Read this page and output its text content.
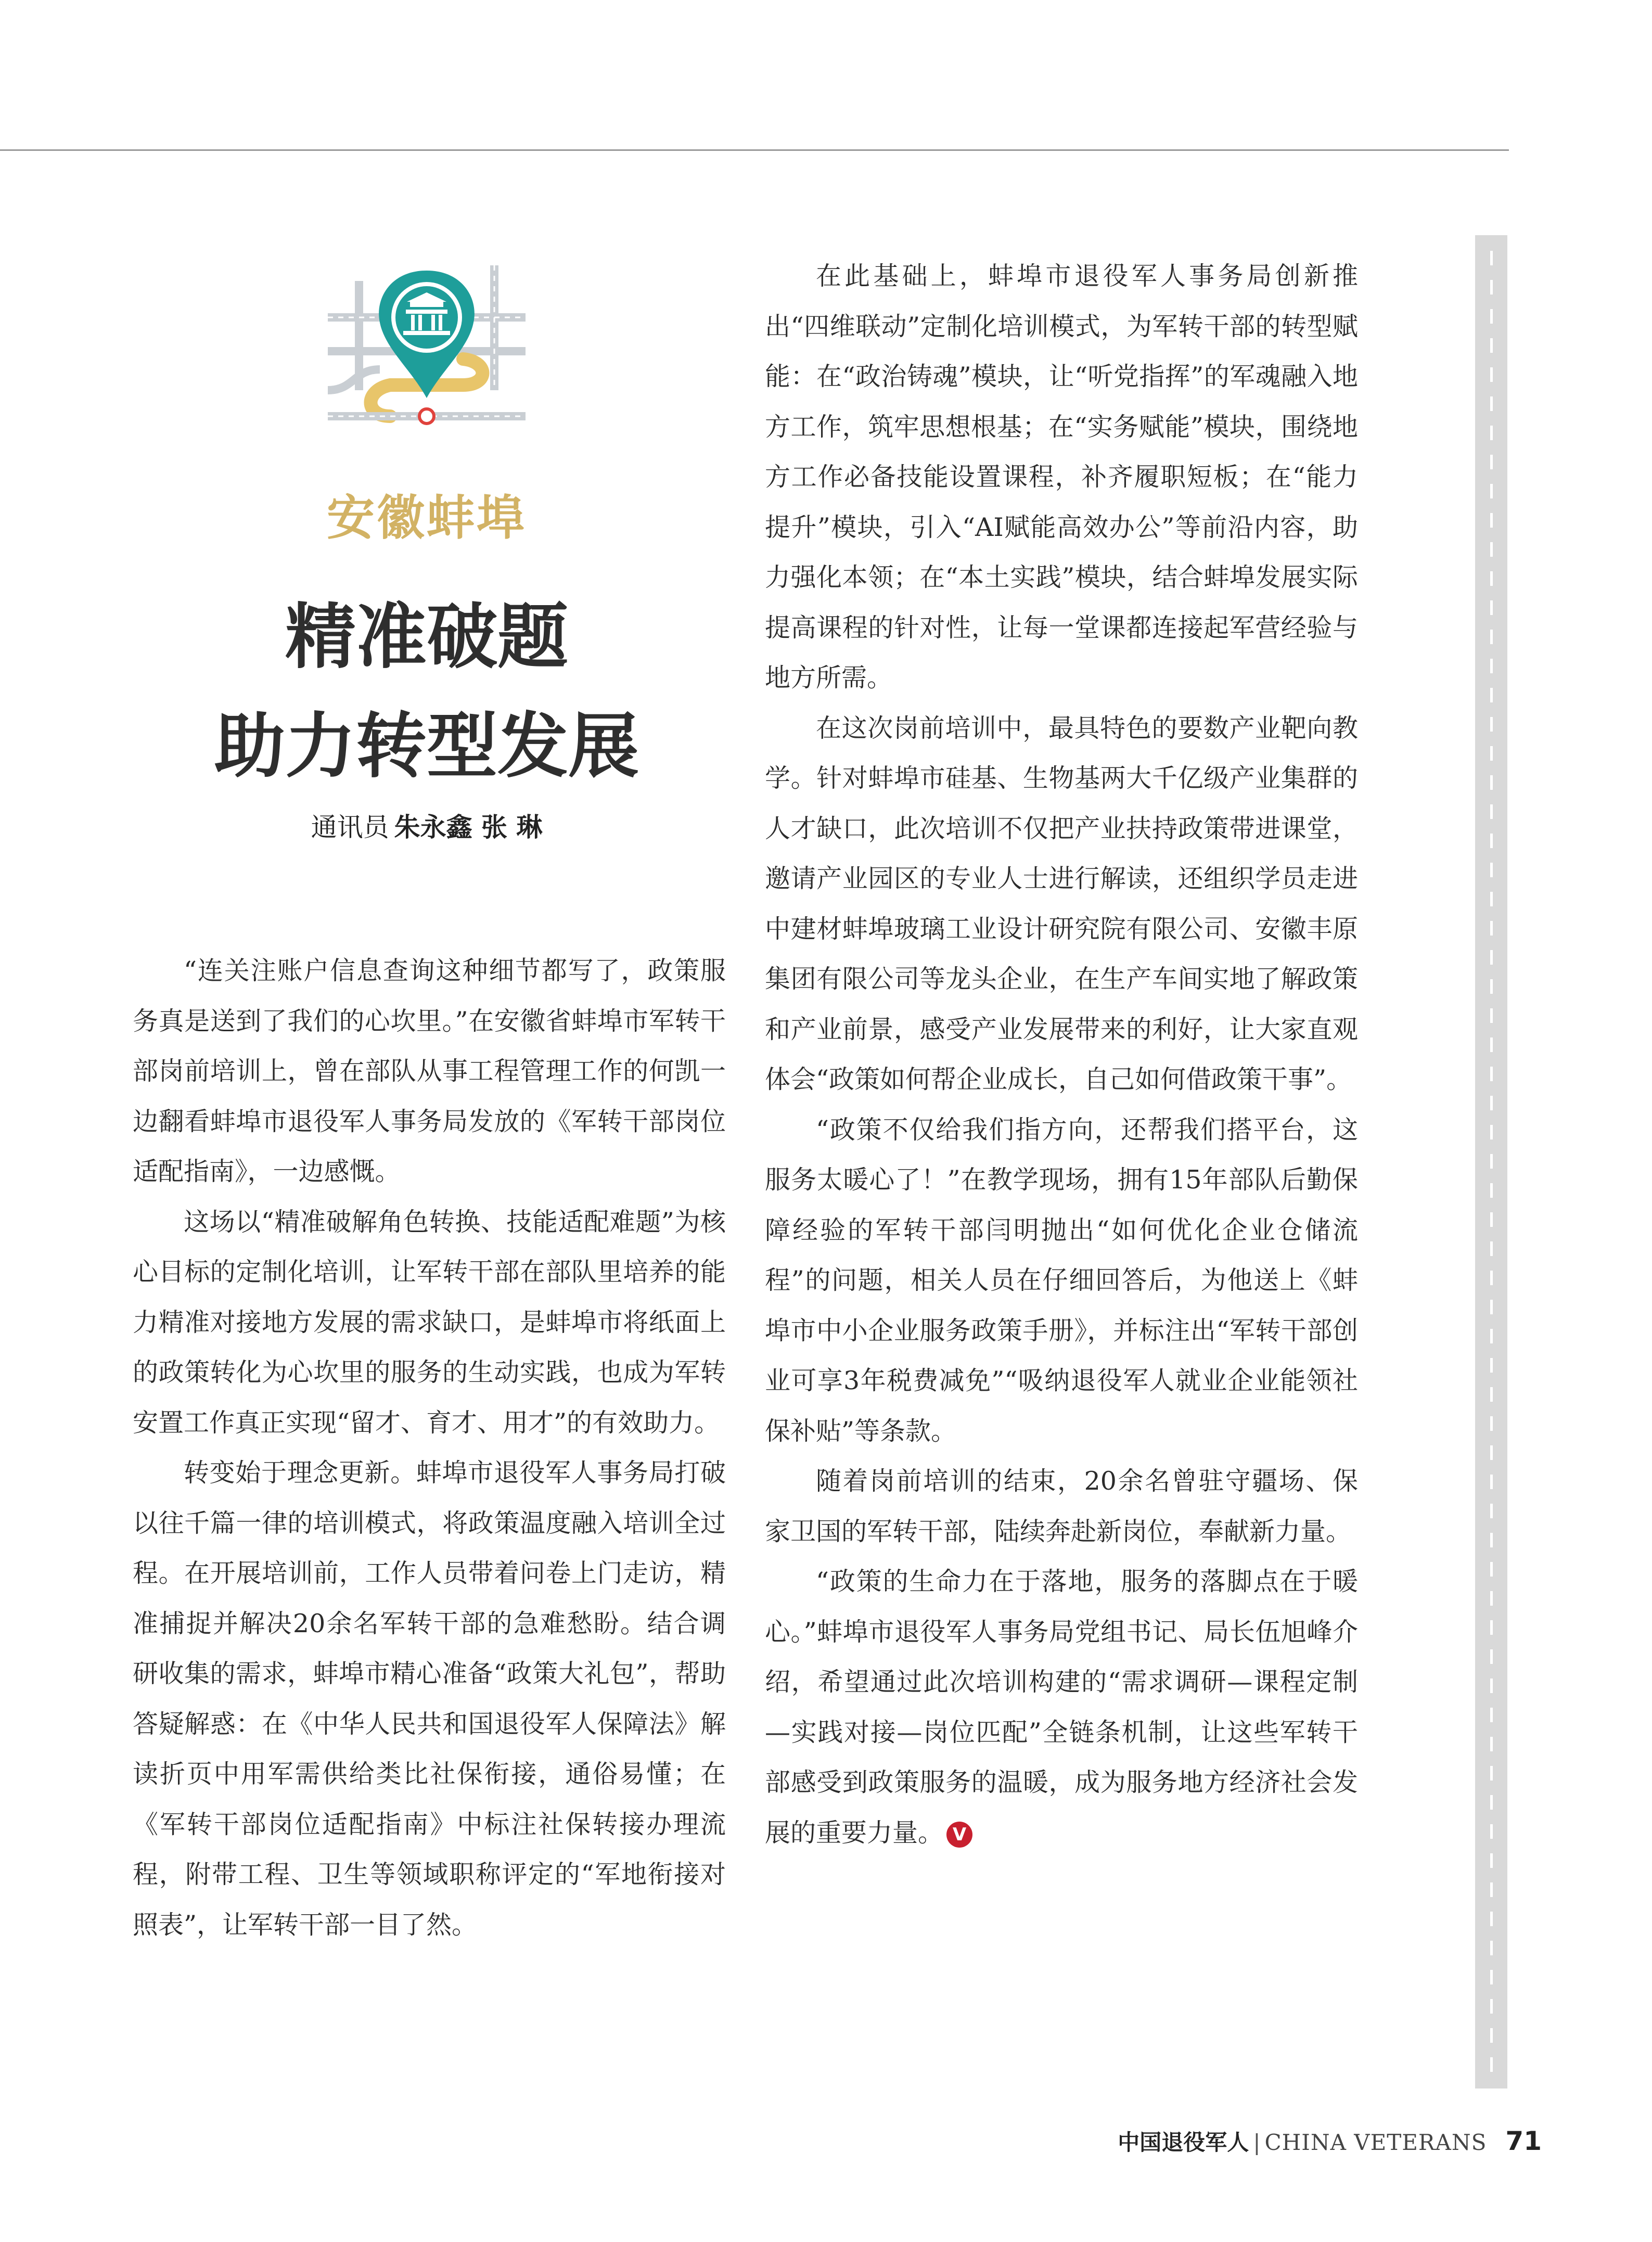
安徽蚌埠
精准破题
助力转型发展
通讯员 朱永鑫 张 琳

“连关注账户信息查询这种细节都写了，政策服务真是送到了我们的心坎里。”在安徽省蚌埠市军转干部岗前培训上，曾在部队从事工程管理工作的何凯一边翻看蚌埠市退役军人事务局发放的《军转干部岗位适配指南》，一边感慨。

这场以“精准破解角色转换、技能适配难题”为核心目标的定制化培训，让军转干部在部队里培养的能力精准对接地方发展的需求缺口，是蚌埠市将纸面上的政策转化为心坎里的服务的生动实践，也成为军转安置工作真正实现“留才、育才、用才”的有效助力。

转变始于理念更新。蚌埠市退役军人事务局打破以往千篇一律的培训模式，将政策温度融入培训全过程。在开展培训前，工作人员带着问卷上门走访，精准捕捉并解决20余名军转干部的急难愁盼。结合调研收集的需求，蚌埠市精心准备“政策大礼包”，帮助答疑解惑：在《中华人民共和国退役军人保障法》解读折页中用军需供给类比社保衔接，通俗易懂；在《军转干部岗位适配指南》中标注社保转接办理流程，附带工程、卫生等领域职称评定的“军地衔接对照表”，让军转干部一目了然。

在此基础上，蚌埠市退役军人事务局创新推出“四维联动”定制化培训模式，为军转干部的转型赋能：在“政治铸魂”模块，让“听党指挥”的军魂融入地方工作，筑牢思想根基；在“实务赋能”模块，围绕地方工作必备技能设置课程，补齐履职短板；在“能力提升”模块，引入“AI赋能高效办公”等前沿内容，助力强化本领；在“本土实践”模块，结合蚌埠发展实际提高课程的针对性，让每一堂课都连接起军营经验与地方所需。

在这次岗前培训中，最具特色的要数产业靶向教学。针对蚌埠市硅基、生物基两大千亿级产业集群的人才缺口，此次培训不仅把产业扶持政策带进课堂，邀请产业园区的专业人士进行解读，还组织学员走进中建材蚌埠玻璃工业设计研究院有限公司、安徽丰原集团有限公司等龙头企业，在生产车间实地了解政策和产业前景，感受产业发展带来的利好，让大家直观体会“政策如何帮企业成长，自己如何借政策干事”。

“政策不仅给我们指方向，还帮我们搭平台，这服务太暖心了！”在教学现场，拥有15年部队后勤保障经验的军转干部闫明抛出“如何优化企业仓储流程”的问题，相关人员在仔细回答后，为他送上《蚌埠市中小企业服务政策手册》，并标注出“军转干部创业可享3年税费减免”“吸纳退役军人就业企业能领社保补贴”等条款。

随着岗前培训的结束，20余名曾驻守疆场、保家卫国的军转干部，陆续奔赴新岗位，奉献新力量。

“政策的生命力在于落地，服务的落脚点在于暖心。”蚌埠市退役军人事务局党组书记、局长伍旭峰介绍，希望通过此次培训构建的“需求调研—课程定制—实践对接—岗位匹配”全链条机制，让这些军转干部感受到政策服务的温暖，成为服务地方经济社会发展的重要力量。 V

中国退役军人 | CHINA VETERANS 71
